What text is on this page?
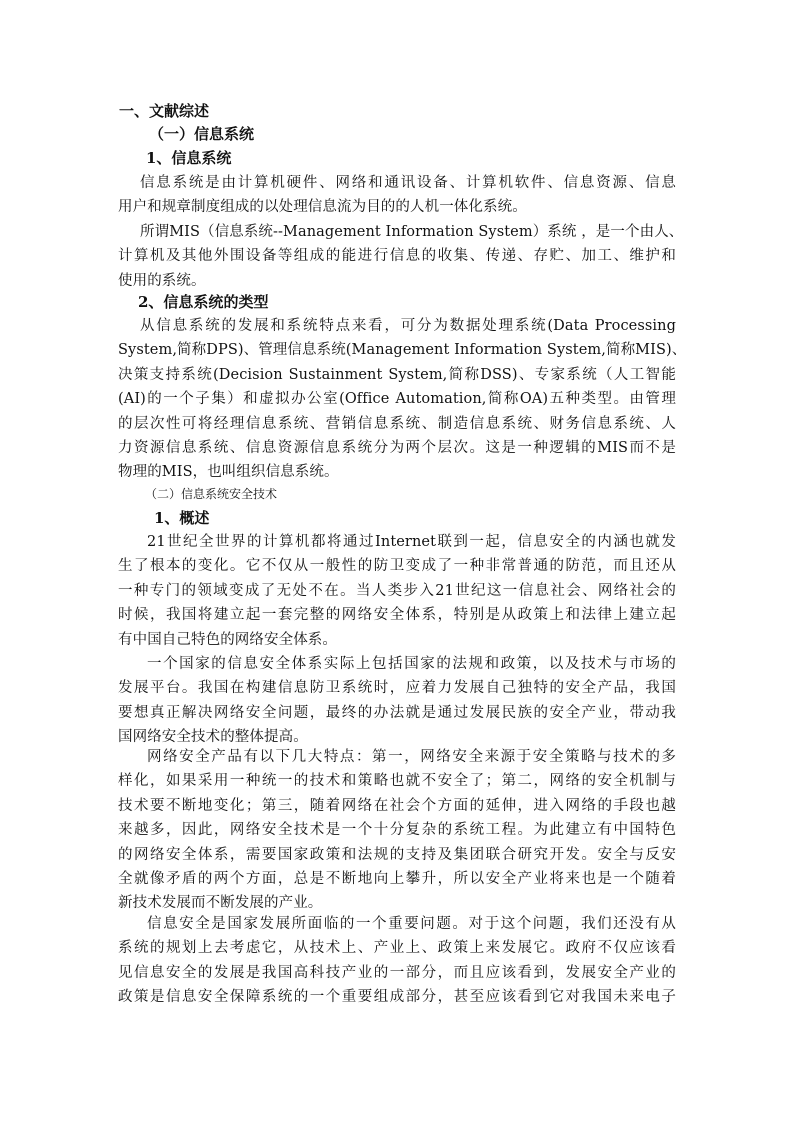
一、文献综述
（一）信息系统
1、信息系统
信息系统是由计算机硬件、网络和通讯设备、计算机软件、信息资源、信息
用户和规章制度组成的以处理信息流为目的的人机一体化系统。
所谓MIS（信息系统--Management Information System）系统 ，是一个由人、
计算机及其他外围设备等组成的能进行信息的收集、传递、存贮、加工、维护和
使用的系统。
2、信息系统的类型
从信息系统的发展和系统特点来看，可分为数据处理系统(Data Processing
System,简称DPS)、管理信息系统(Management Information System,简称MIS)、
决策支持系统(Decision Sustainment System,简称DSS)、专家系统（人工智能
(AI)的一个子集）和虚拟办公室(Office Automation,简称OA)五种类型。由管理
的层次性可将经理信息系统、营销信息系统、制造信息系统、财务信息系统、人
力资源信息系统、信息资源信息系统分为两个层次。这是一种逻辑的MIS而不是
物理的MIS，也叫组织信息系统。
（二）信息系统安全技术
1、概述
21世纪全世界的计算机都将通过Internet联到一起，信息安全的内涵也就发
生了根本的变化。它不仅从一般性的防卫变成了一种非常普通的防范，而且还从
一种专门的领域变成了无处不在。当人类步入21世纪这一信息社会、网络社会的
时候，我国将建立起一套完整的网络安全体系，特别是从政策上和法律上建立起
有中国自己特色的网络安全体系。
一个国家的信息安全体系实际上包括国家的法规和政策，以及技术与市场的
发展平台。我国在构建信息防卫系统时，应着力发展自己独特的安全产品，我国
要想真正解决网络安全问题，最终的办法就是通过发展民族的安全产业，带动我
国网络安全技术的整体提高。
网络安全产品有以下几大特点：第一，网络安全来源于安全策略与技术的多
样化，如果采用一种统一的技术和策略也就不安全了；第二，网络的安全机制与
技术要不断地变化；第三，随着网络在社会个方面的延伸，进入网络的手段也越
来越多，因此，网络安全技术是一个十分复杂的系统工程。为此建立有中国特色
的网络安全体系，需要国家政策和法规的支持及集团联合研究开发。安全与反安
全就像矛盾的两个方面，总是不断地向上攀升，所以安全产业将来也是一个随着
新技术发展而不断发展的产业。
信息安全是国家发展所面临的一个重要问题。对于这个问题，我们还没有从
系统的规划上去考虑它，从技术上、产业上、政策上来发展它。政府不仅应该看
见信息安全的发展是我国高科技产业的一部分，而且应该看到，发展安全产业的
政策是信息安全保障系统的一个重要组成部分，甚至应该看到它对我国未来电子
